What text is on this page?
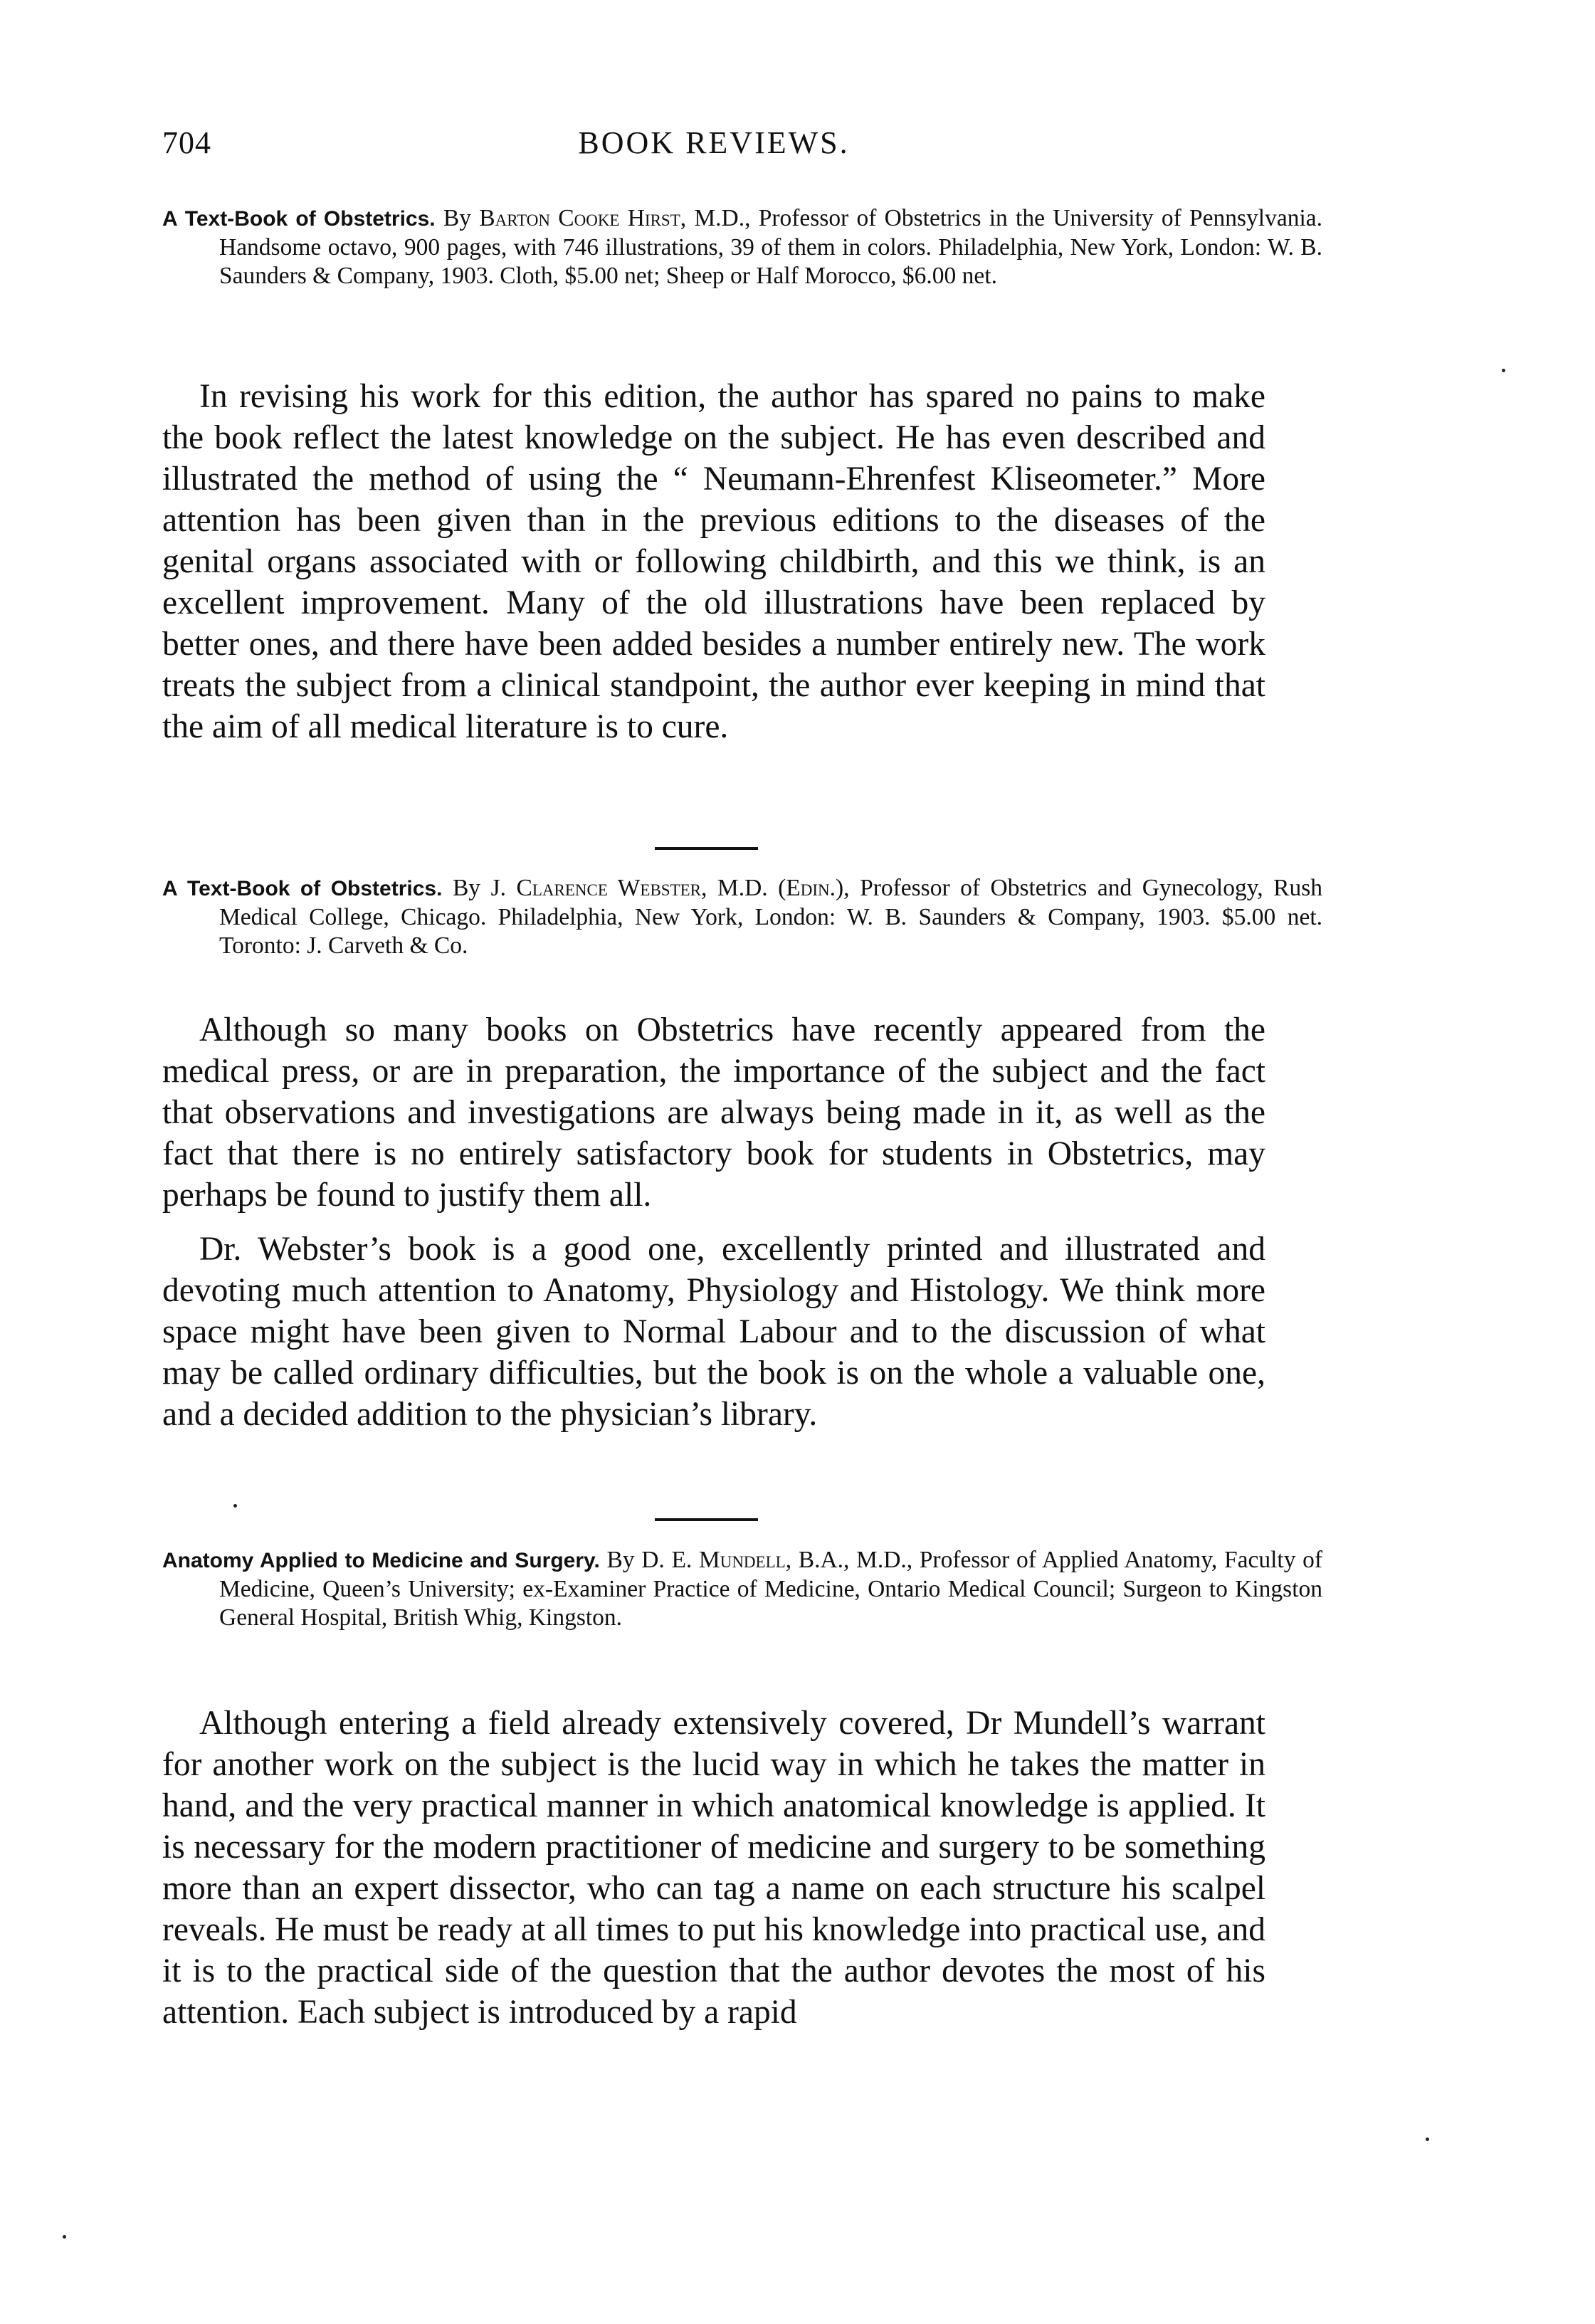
704	BOOK REVIEWS.
A Text-Book of Obstetrics. By Barton Cooke Hirst, M.D., Professor of Obstetrics in the University of Pennsylvania. Handsome octavo, 900 pages, with 746 illustrations, 39 of them in colors. Philadelphia, New York, London: W. B. Saunders & Company, 1903. Cloth, $5.00 net; Sheep or Half Morocco, $6.00 net.

In revising his work for this edition, the author has spared no pains to make the book reflect the latest knowledge on the subject. He has even described and illustrated the method of using the “ Neumann-Ehrenfest Kliseometer.” More attention has been given than in the previous editions to the diseases of the genital organs associated with or following childbirth, and this we think, is an excellent improvement. Many of the old illustrations have been replaced by better ones, and there have been added besides a number entirely new. The work treats the subject from a clinical standpoint, the author ever keeping in mind that the aim of all medical literature is to cure.

A Text-Book of Obstetrics. By J. Clarence Webster, M.D. (Edin.), Professor of Obstetrics and Gynecology, Rush Medical College, Chicago. Philadelphia, New York, London: W. B. Saunders & Company, 1903. $5.00 net. Toronto: J. Carveth & Co.

Although so many books on Obstetrics have recently appeared from the medical press, or are in preparation, the importance of the subject and the fact that observations and investigations are always being made in it, as well as the fact that there is no entirely satisfactory book for students in Obstetrics, may perhaps be found to justify them all.

Dr. Webster’s book is a good one, excellently printed and illustrated and devoting much attention to Anatomy, Physiology and Histology. We think more space might have been given to Normal Labour and to the discussion of what may be called ordinary difficulties, but the book is on the whole a valuable one, and a decided addition to the physician’s library.

Anatomy Applied to Medicine and Surgery. By D. E. Mundell, B.A., M.D., Professor of Applied Anatomy, Faculty of Medicine, Queen’s University; ex-Examiner Practice of Medicine, Ontario Medical Council; Surgeon to Kingston General Hospital, British Whig, Kingston.

Although entering a field already extensively covered, Dr Mundell’s warrant for another work on the subject is the lucid way in which he takes the matter in hand, and the very practical manner in which anatomical knowledge is applied. It is necessary for the modern practitioner of medicine and surgery to be something more than an expert dissector, who can tag a name on each structure his scalpel reveals. He must be ready at all times to put his knowledge into practical use, and it is to the practical side of the question that the author devotes the most of his attention. Each subject is introduced by a rapid
